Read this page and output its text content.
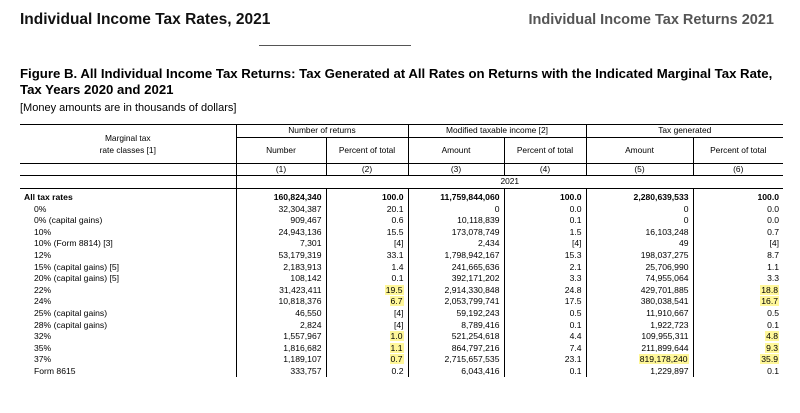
Individual Income Tax Rates, 2021	Individual Income Tax Returns 2021
Figure B. All Individual Income Tax Returns: Tax Generated at All Rates on Returns with the Indicated Marginal Tax Rate, Tax Years 2020 and 2021
[Money amounts are in thousands of dollars]
Marginal tax
rate classes [1]	Number of returns		Modified taxable income [2]		Tax generated	
	Number	Percent of total	Amount	Percent of total	Amount	Percent of total
	(1)	(2)	(3)	(4)	(5)	(6)
	2021					

All tax rates	160,824,340	100.0	11,759,844,060	100.0	2,280,639,533	100.0
0%	32,304,387	20.1	0	0.0	0	0.0
0% (capital gains)	909,467	0.6	10,118,839	0.1	0	0.0
10%	24,943,136	15.5	173,078,749	1.5	16,103,248	0.7
10% (Form 8814) [3]	7,301	[4]	2,434	[4]	49	[4]
12%	53,179,319	33.1	1,798,942,167	15.3	198,037,275	8.7
15% (capital gains) [5]	2,183,913	1.4	241,665,636	2.1	25,706,990	1.1
20% (capital gains) [5]	108,142	0.1	392,171,202	3.3	74,955,064	3.3
22%	31,423,411	19.5	2,914,330,848	24.8	429,701,885	18.8
24%	10,818,376	6.7	2,053,799,741	17.5	380,038,541	16.7
25% (capital gains)	46,550	[4]	59,192,243	0.5	11,910,667	0.5
28% (capital gains)	2,824	[4]	8,789,416	0.1	1,922,723	0.1
32%	1,557,967	1.0	521,254,618	4.4	109,955,311	4.8
35%	1,816,682	1.1	864,797,216	7.4	211,899,644	9.3
37%	1,189,107	0.7	2,715,657,535	23.1	819,178,240	35.9
Form 8615	333,757	0.2	6,043,416	0.1	1,229,897	0.1
